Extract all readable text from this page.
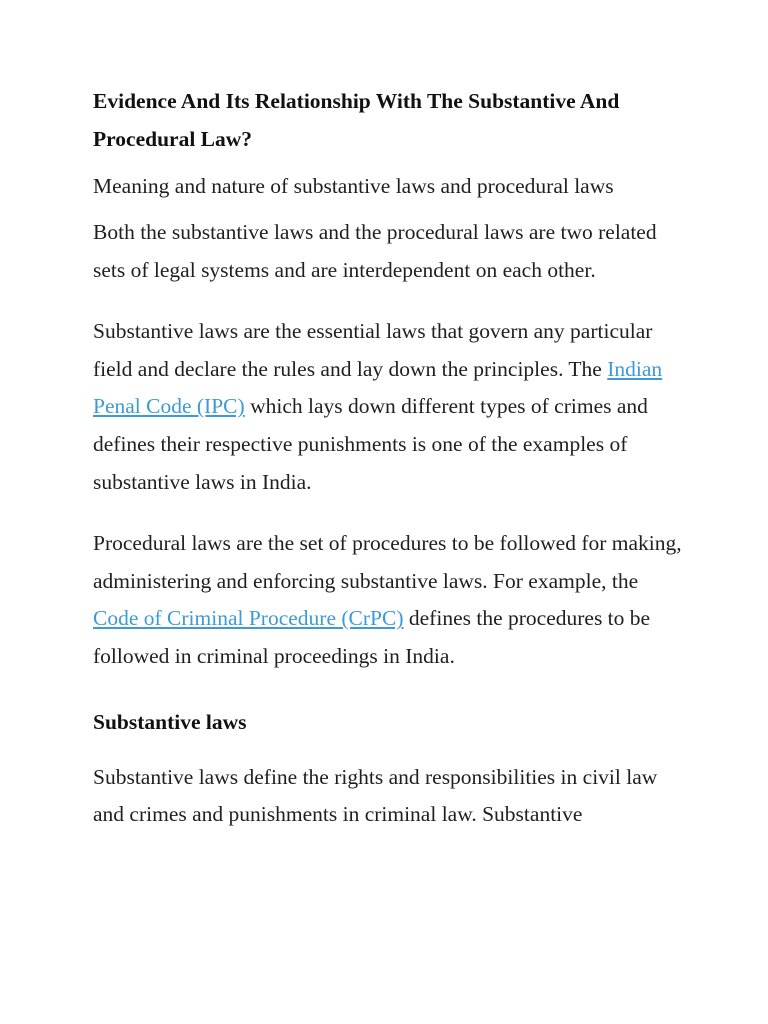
Evidence And Its Relationship With The Substantive And Procedural Law?
Meaning and nature of substantive laws and procedural laws

Both the substantive laws and the procedural laws are two related sets of legal systems and are interdependent on each other.

Substantive laws are the essential laws that govern any particular field and declare the rules and lay down the principles. The Indian Penal Code (IPC) which lays down different types of crimes and defines their respective punishments is one of the examples of substantive laws in India.

Procedural laws are the set of procedures to be followed for making, administering and enforcing substantive laws. For example, the Code of Criminal Procedure (CrPC) defines the procedures to be followed in criminal proceedings in India.

Substantive laws

Substantive laws define the rights and responsibilities in civil law and crimes and punishments in criminal law. Substantive
